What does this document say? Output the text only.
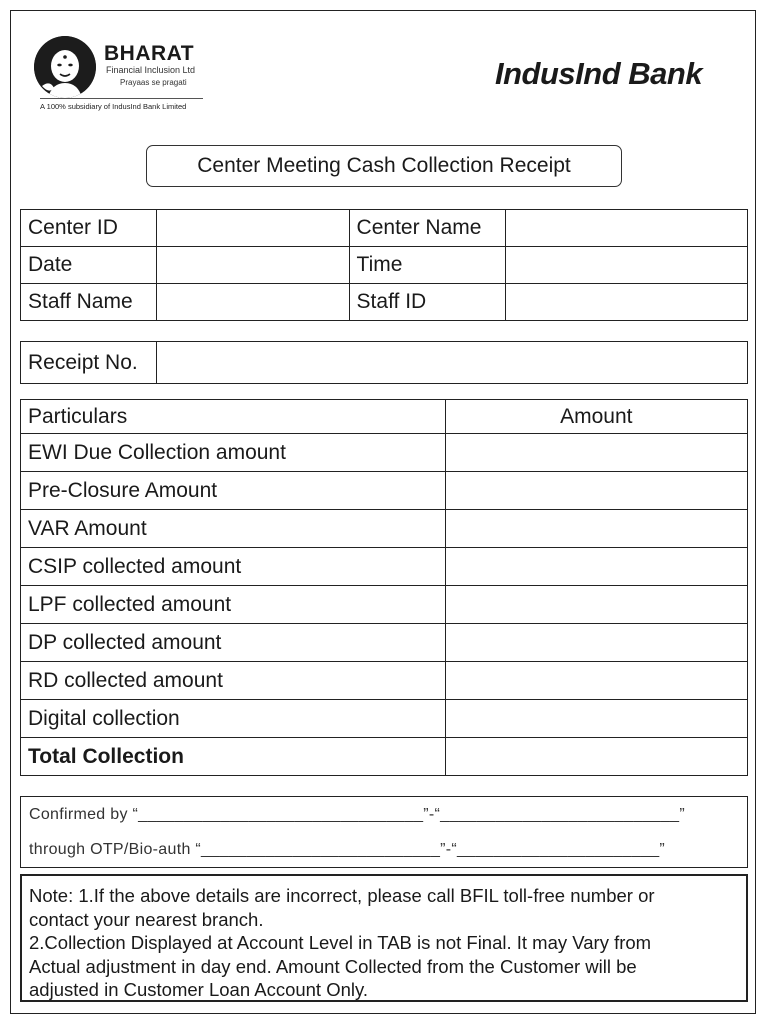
BHARAT
Financial Inclusion Ltd
Prayaas se pragati
A 100% subsidiary of IndusInd Bank Limited
IndusInd Bank
Center Meeting Cash Collection Receipt
Center ID		Center Name	
Date		Time	
Staff Name		Staff ID	
Receipt No.	
Particulars	Amount
EWI Due Collection amount	
Pre-Closure Amount	
VAR Amount	
CSIP collected amount	
LPF collected amount	
DP collected amount	
RD collected amount	
Digital collection	
Total Collection	
Confirmed by “_______________________________”-“__________________________”
through OTP/Bio-auth “__________________________”-“______________________”
Note: 1.If the above details are incorrect, please call BFIL toll-free number or
contact your nearest branch.
2.Collection Displayed at Account Level in TAB is not Final. It may Vary from
Actual adjustment in day end. Amount Collected from the Customer will be
adjusted in Customer Loan Account Only.
